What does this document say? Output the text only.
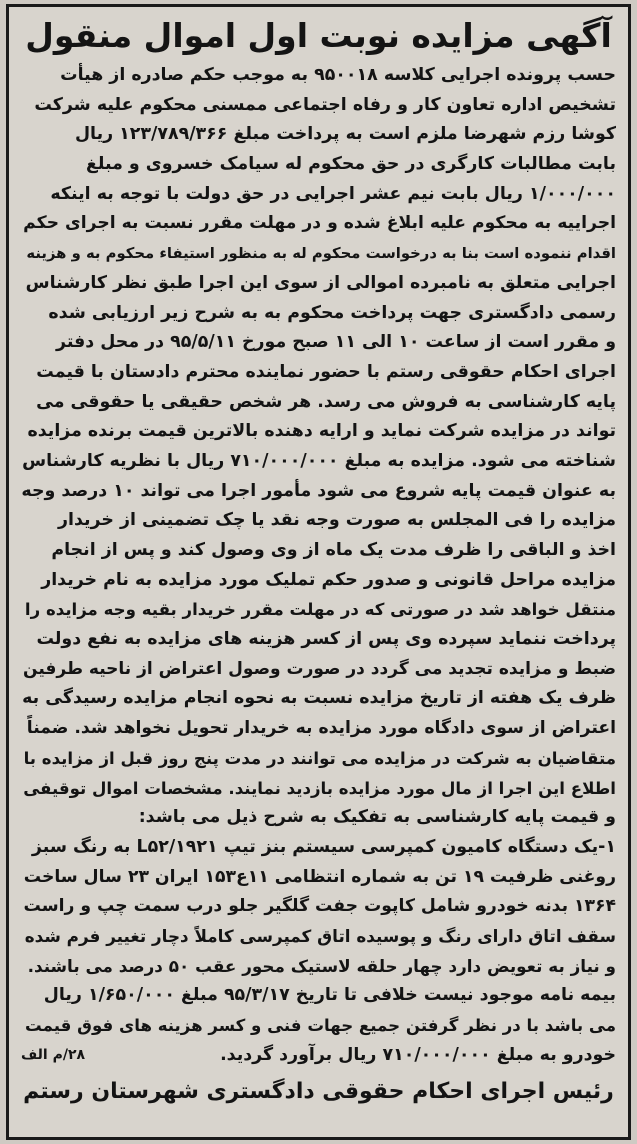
آگهی مزایده نوبت اول اموال منقول
حسب پرونده اجرایی کلاسه ۹۵۰۰۱۸ به موجب حکم صادره از هیأت
تشخیص اداره تعاون کار و رفاه اجتماعی ممسنی محکوم علیه شرکت
کوشا رزم شهرضا ملزم است به پرداخت مبلغ ۱۲۳/۷۸۹/۳۶۶ ریال
بابت مطالبات کارگری در حق محکوم له سیامک خسروی و مبلغ
۱/۰۰۰/۰۰۰ ریال بابت نیم عشر اجرایی در حق دولت با توجه به اینکه
اجراییه به محکوم علیه ابلاغ شده و در مهلت مقرر نسبت به اجرای حکم
اقدام ننموده است بنا به درخواست محکوم له به منظور استیفاء محکوم به و هزینه
اجرایی متعلق به نامبرده اموالی از سوی این اجرا طبق نظر کارشناس
رسمی دادگستری جهت پرداخت محکوم به به شرح زیر ارزیابی شده
و مقرر است از ساعت ۱۰ الی ۱۱ صبح مورخ ۹۵/۵/۱۱ در محل دفتر
اجرای احکام حقوقی رستم با حضور نماینده محترم دادستان با قیمت
پایه کارشناسی به فروش می رسد. هر شخص حقیقی یا حقوقی می
تواند در مزایده شرکت نماید و ارایه دهنده بالاترین قیمت برنده مزایده
شناخته می شود. مزایده به مبلغ ۷۱۰/۰۰۰/۰۰۰ ریال با نظریه کارشناس
به عنوان قیمت پایه شروع می شود مأمور اجرا می تواند ۱۰ درصد وجه
مزایده را فی المجلس به صورت وجه نقد یا چک تضمینی از خریدار
اخذ و الباقی را ظرف مدت یک ماه از وی وصول کند و پس از انجام
مزایده مراحل قانونی و صدور حکم تملیک مورد مزایده به نام خریدار
منتقل خواهد شد در صورتی که در مهلت مقرر خریدار بقیه وجه مزایده را
پرداخت ننماید سپرده وی پس از کسر هزینه های مزایده به نفع دولت
ضبط و مزایده تجدید می گردد در صورت وصول اعتراض از ناحیه طرفین
ظرف یک هفته از تاریخ مزایده نسبت به نحوه انجام مزایده رسیدگی به
اعتراض از سوی دادگاه مورد مزایده به خریدار تحویل نخواهد شد. ضمناً
متقاضیان به شرکت در مزایده می توانند در مدت پنج روز قبل از مزایده با
اطلاع این اجرا از مال مورد مزایده بازدید نمایند. مشخصات اموال توقیفی
و قیمت پایه کارشناسی به تفکیک به شرح ذیل می باشد:
۱-یک دستگاه کامیون کمپرسی سیستم بنز تیپ L۵۲/۱۹۲۱ به رنگ سبز
روغنی ظرفیت ۱۹ تن به شماره انتظامی ۱۱ع۱۵۳ ایران ۲۳ سال ساخت
۱۳۶۴ بدنه خودرو شامل کاپوت جفت گلگیر جلو درب سمت چپ و راست
سقف اتاق دارای رنگ و پوسیده اتاق کمپرسی کاملاً دچار تغییر فرم شده
و نیاز به تعویض دارد چهار حلقه لاستیک محور عقب ۵۰ درصد می باشند.
بیمه نامه موجود نیست خلافی تا تاریخ ۹۵/۳/۱۷ مبلغ ۱/۶۵۰/۰۰۰ ریال
می باشد با در نظر گرفتن جمیع جهات فنی و کسر هزینه های فوق قیمت
خودرو به مبلغ ۷۱۰/۰۰۰/۰۰۰ ریال برآورد گردید.
۲۸/م الف
رئیس اجرای احکام حقوقی دادگستری شهرستان رستم
